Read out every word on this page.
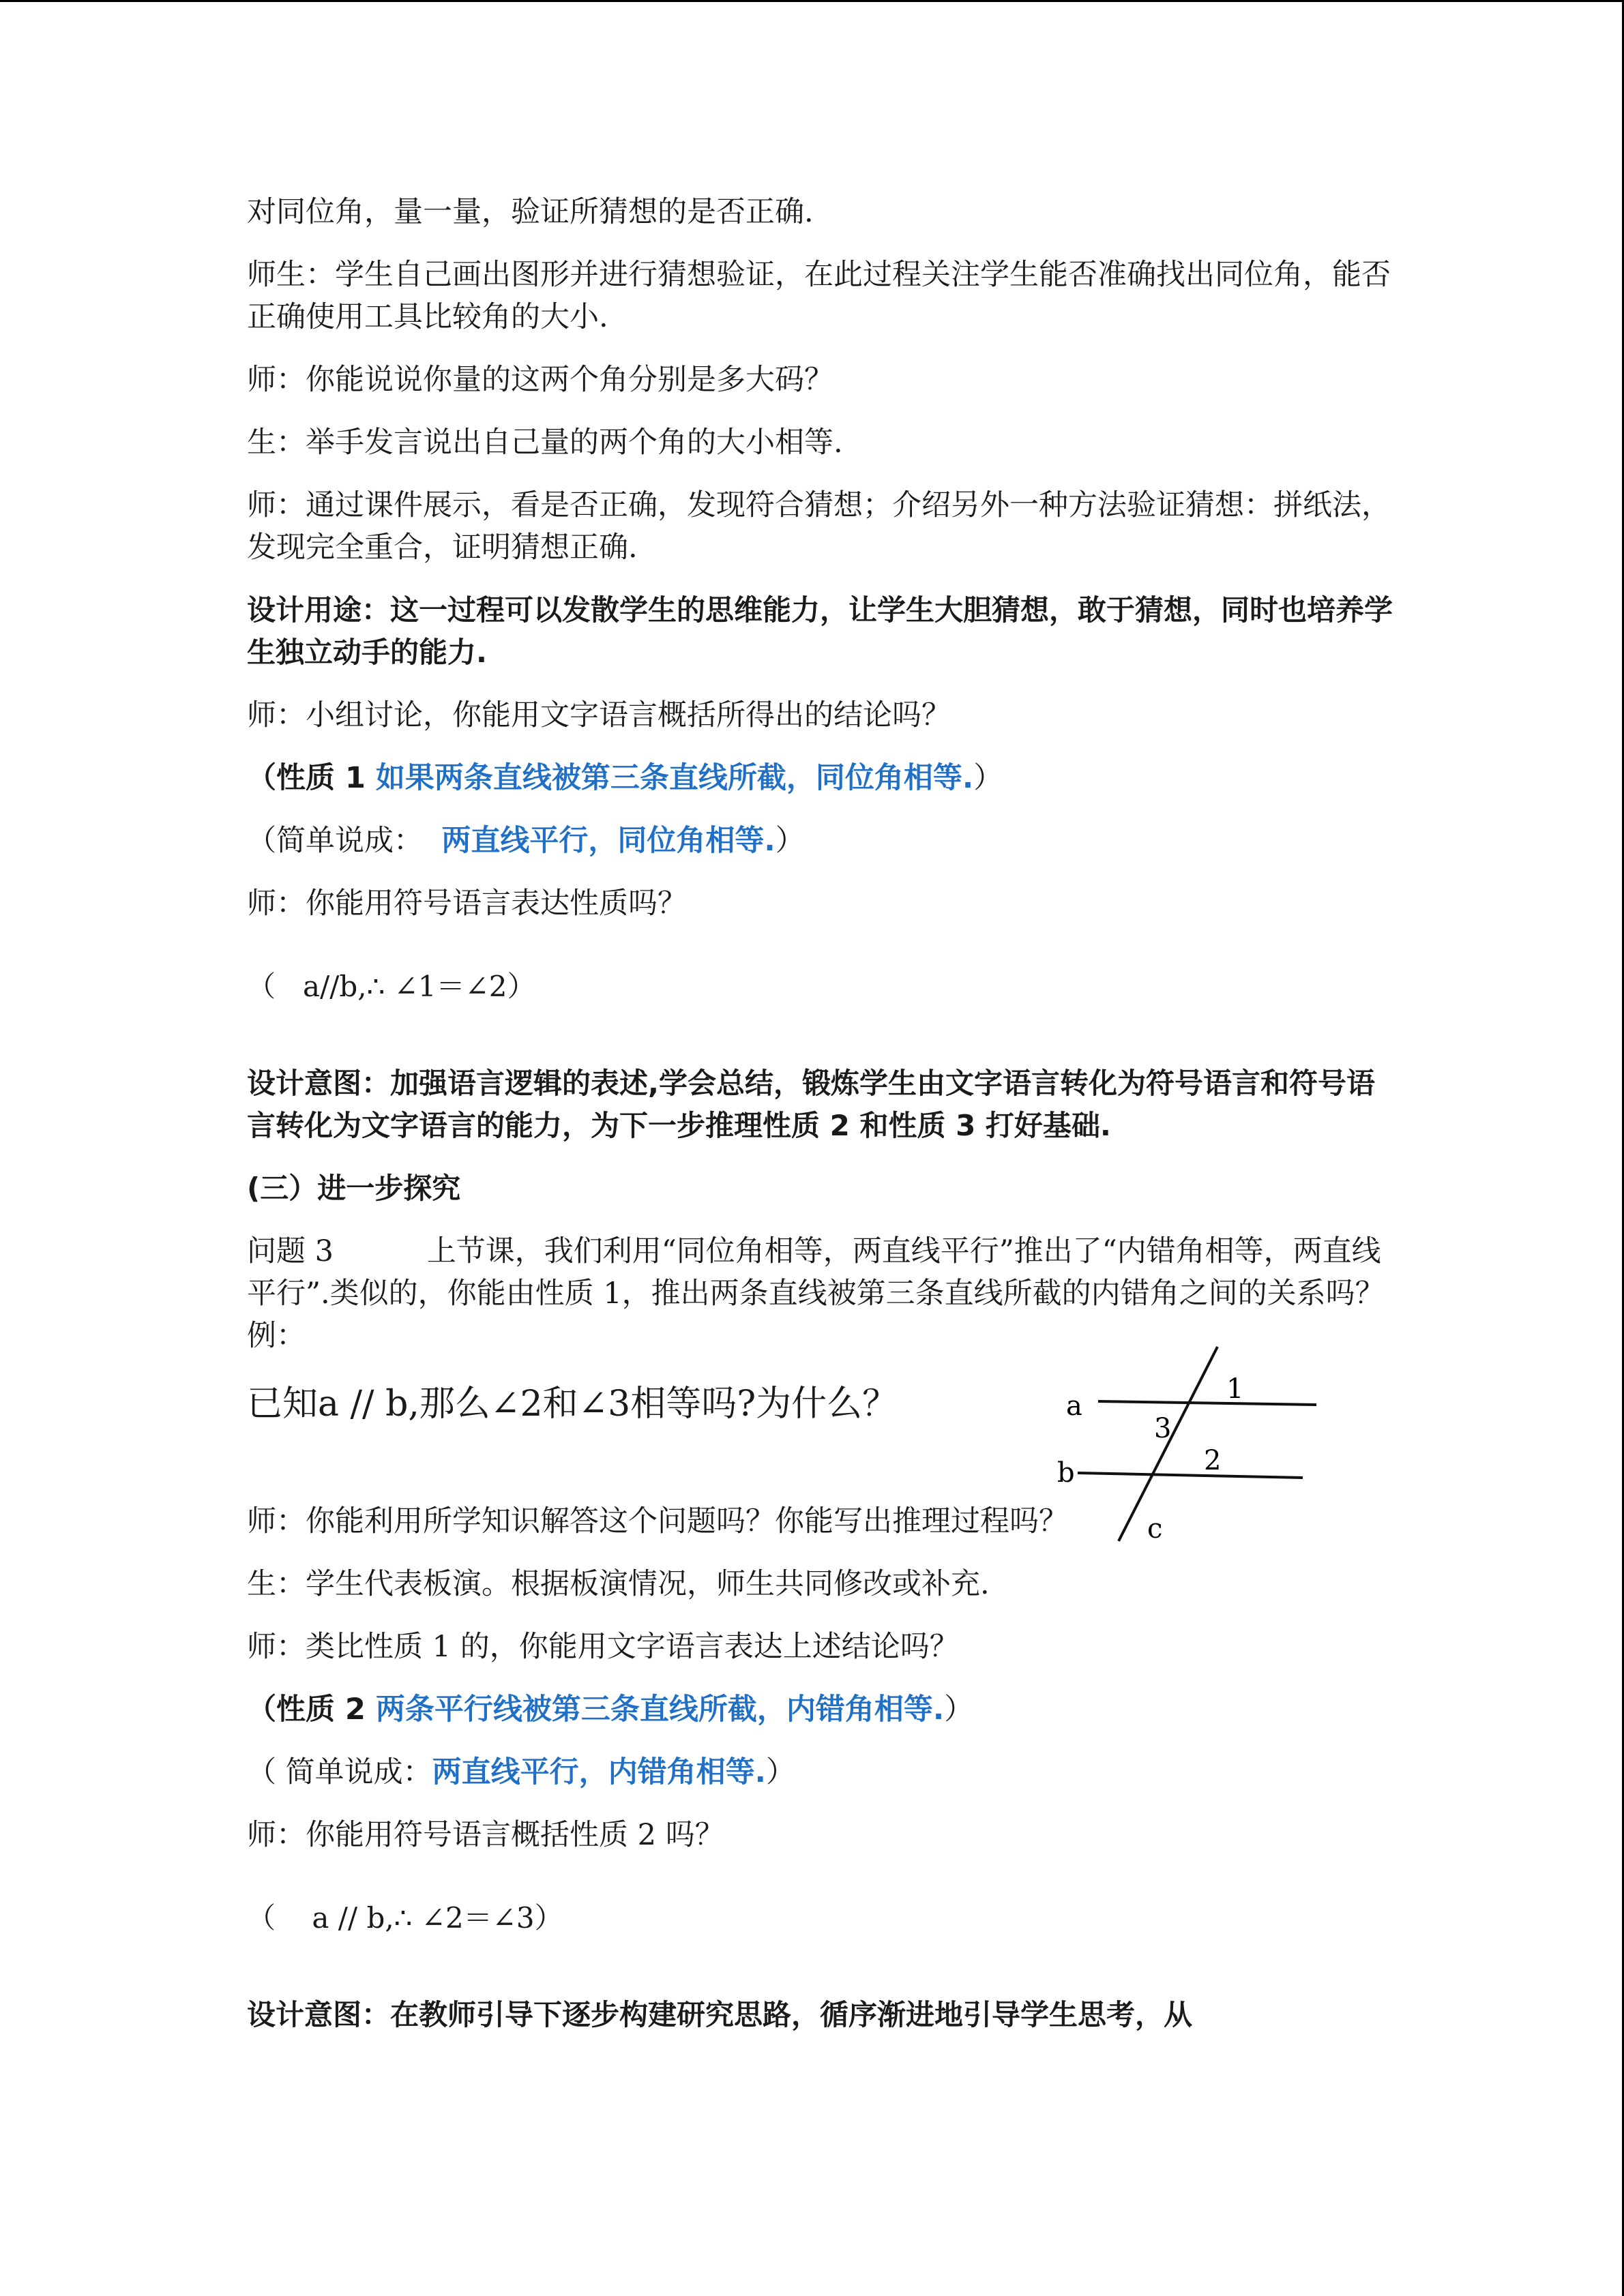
对同位角，量一量，验证所猜想的是否正确.

师生：学生自己画出图形并进行猜想验证，在此过程关注学生能否准确找出同位角，能否正确使用工具比较角的大小.

师：你能说说你量的这两个角分别是多大码？

生：举手发言说出自己量的两个角的大小相等.

师：通过课件展示，看是否正确，发现符合猜想；介绍另外一种方法验证猜想：拼纸法，发现完全重合，证明猜想正确.

设计用途：这一过程可以发散学生的思维能力，让学生大胆猜想，敢于猜想，同时也培养学生独立动手的能力.

师：小组讨论，你能用文字语言概括所得出的结论吗？

（性质 1 如果两条直线被第三条直线所截，同位角相等.）

（简单说成：  两直线平行，同位角相等.）

师：你能用符号语言表达性质吗？

（   a//b,∴ ∠1＝∠2）

设计意图：加强语言逻辑的表述,学会总结，锻炼学生由文字语言转化为符号语言和符号语言转化为文字语言的能力，为下一步推理性质 2 和性质 3 打好基础.

(三）进一步探究

问题 3          上节课，我们利用“同位角相等，两直线平行”推出了“内错角相等，两直线平行”.类似的，你能由性质 1，推出两条直线被第三条直线所截的内错角之间的关系吗？例：

已知a // b,那么∠2和∠3相等吗?为什么？

师：你能利用所学知识解答这个问题吗？你能写出推理过程吗？

生：学生代表板演。根据板演情况，师生共同修改或补充.

师：类比性质 1 的，你能用文字语言表达上述结论吗？

（性质 2 两条平行线被第三条直线所截，内错角相等.）

（ 简单说成：两直线平行，内错角相等.）

师：你能用符号语言概括性质 2 吗？

（    a // b,∴ ∠2＝∠3）

设计意图：在教师引导下逐步构建研究思路，循序渐进地引导学生思考，从

a
b
c
1
2
3
